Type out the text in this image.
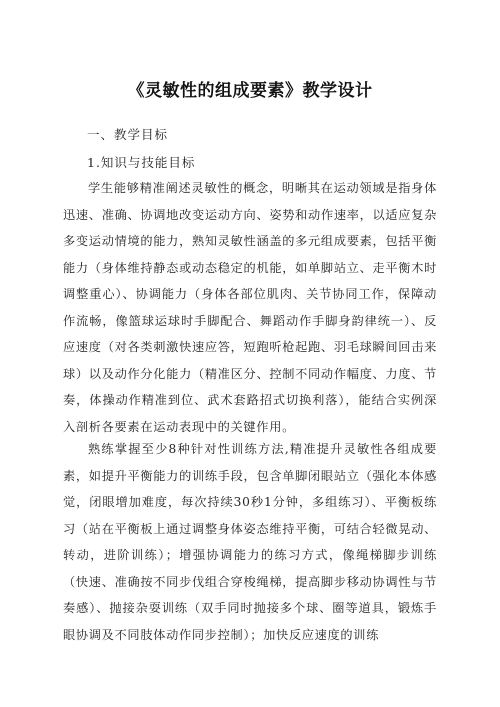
《灵敏性的组成要素》教学设计

一、教学目标

1.知识与技能目标

学生能够精准阐述灵敏性的概念，明晰其在运动领域是指身体迅速、准确、协调地改变运动方向、姿势和动作速率，以适应复杂多变运动情境的能力，熟知灵敏性涵盖的多元组成要素，包括平衡能力（身体维持静态或动态稳定的机能，如单脚站立、走平衡木时调整重心）、协调能力（身体各部位肌肉、关节协同工作，保障动作流畅，像篮球运球时手脚配合、舞蹈动作手脚身韵律统一）、反应速度（对各类刺激快速应答，短跑听枪起跑、羽毛球瞬间回击来球）以及动作分化能力（精准区分、控制不同动作幅度、力度、节奏，体操动作精准到位、武术套路招式切换利落），能结合实例深入剖析各要素在运动表现中的关键作用。

熟练掌握至少8种针对性训练方法,精准提升灵敏性各组成要素，如提升平衡能力的训练手段，包含单脚闭眼站立（强化本体感觉，闭眼增加难度，每次持续30秒1分钟，多组练习）、平衡板练习（站在平衡板上通过调整身体姿态维持平衡，可结合轻微晃动、转动，进阶训练）；增强协调能力的练习方式，像绳梯脚步训练（快速、准确按不同步伐组合穿梭绳梯，提高脚步移动协调性与节奏感）、抛接杂耍训练（双手同时抛接多个球、圈等道具，锻炼手眼协调及不同肢体动作同步控制）；加快反应速度的训练
